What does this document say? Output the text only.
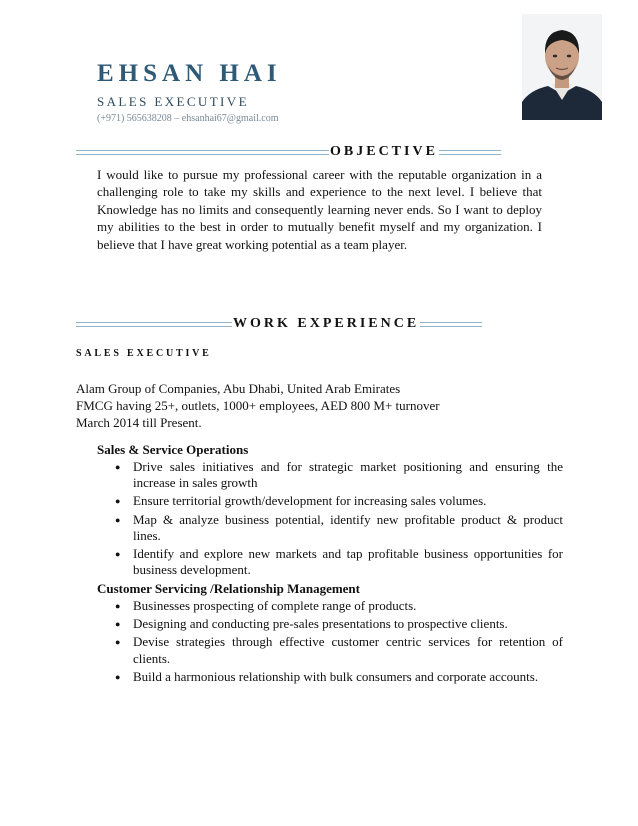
EHSAN HAI
SALES EXECUTIVE
(+971) 565638208 – ehsanhai67@gmail.com
OBJECTIVE

I would like to pursue my professional career with the reputable organization in a challenging role to take my skills and experience to the next level. I believe that Knowledge has no limits and consequently learning never ends. So I want to deploy my abilities to the best in order to mutually benefit myself and my organization. I believe that I have great working potential as a team player.

WORK EXPERIENCE
SALES EXECUTIVE
Alam Group of Companies, Abu Dhabi, United Arab Emirates
FMCG having 25+, outlets, 1000+ employees, AED 800 M+ turnover
March 2014 till Present.
Sales & Service Operations
● Drive sales initiatives and for strategic market positioning and ensuring the increase in sales growth
● Ensure territorial growth/development for increasing sales volumes.
● Map & analyze business potential, identify new profitable product & product lines.
● Identify and explore new markets and tap profitable business opportunities for business development.
Customer Servicing /Relationship Management
● Businesses prospecting of complete range of products.
● Designing and conducting pre-sales presentations to prospective clients.
● Devise strategies through effective customer centric services for retention of clients.
● Build a harmonious relationship with bulk consumers and corporate accounts.
